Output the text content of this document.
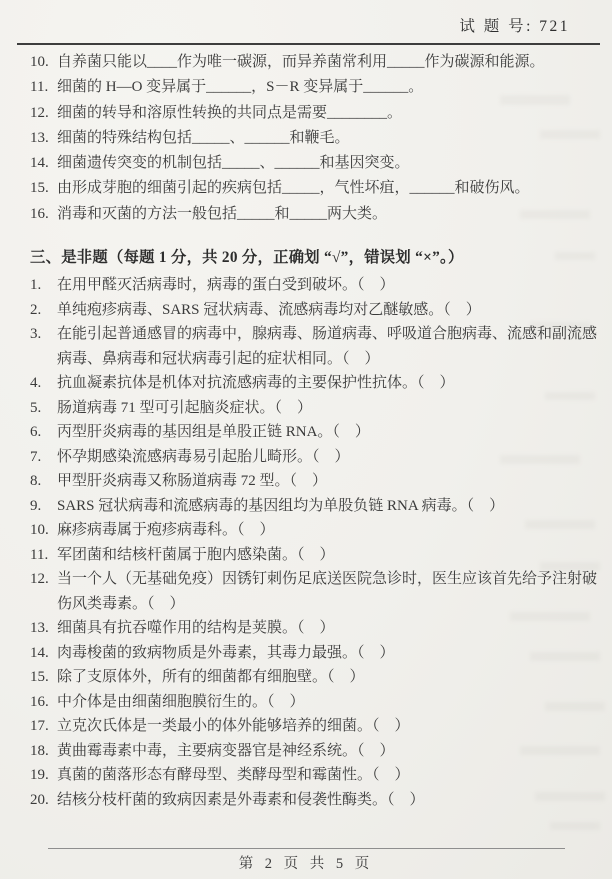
试 题 号: 721
10. 自养菌只能以____作为唯一碳源，而异养菌常利用_____作为碳源和能源。
11. 细菌的 H—O 变异属于______，S－R 变异属于______。
12. 细菌的转导和溶原性转换的共同点是需要________。
13. 细菌的特殊结构包括_____、______和鞭毛。
14. 细菌遗传突变的机制包括_____、______和基因突变。
15. 由形成芽胞的细菌引起的疾病包括_____，气性坏疽，______和破伤风。
16. 消毒和灭菌的方法一般包括_____和_____两大类。
三、是非题（每题 1 分，共 20 分，正确划 “√”，错误划 “×”。）
1.	在用甲醛灭活病毒时，病毒的蛋白受到破坏。（　）
2.	单纯疱疹病毒、SARS 冠状病毒、流感病毒均对乙醚敏感。（　）
3.	在能引起普通感冒的病毒中，腺病毒、肠道病毒、呼吸道合胞病毒、流感和副流感病毒、鼻病毒和冠状病毒引起的症状相同。（　）
4.	抗血凝素抗体是机体对抗流感病毒的主要保护性抗体。（　）
5.	肠道病毒 71 型可引起脑炎症状。（　）
6.	丙型肝炎病毒的基因组是单股正链 RNA。（　）
7.	怀孕期感染流感病毒易引起胎儿畸形。（　）
8.	甲型肝炎病毒又称肠道病毒 72 型。（　）
9.	SARS 冠状病毒和流感病毒的基因组均为单股负链 RNA 病毒。（　）
10. 麻疹病毒属于疱疹病毒科。（　）
11. 军团菌和结核杆菌属于胞内感染菌。（　）
12. 当一个人（无基础免疫）因锈钉刺伤足底送医院急诊时，医生应该首先给予注射破伤风类毒素。（　）
13. 细菌具有抗吞噬作用的结构是荚膜。（　）
14. 肉毒梭菌的致病物质是外毒素，其毒力最强。（　）
15. 除了支原体外，所有的细菌都有细胞壁。（　）
16. 中介体是由细菌细胞膜衍生的。（　）
17. 立克次氏体是一类最小的体外能够培养的细菌。（　）
18. 黄曲霉毒素中毒，主要病变器官是神经系统。（　）
19. 真菌的菌落形态有酵母型、类酵母型和霉菌性。（　）
20. 结核分枝杆菌的致病因素是外毒素和侵袭性酶类。（　）
第 2 页 共 5 页
